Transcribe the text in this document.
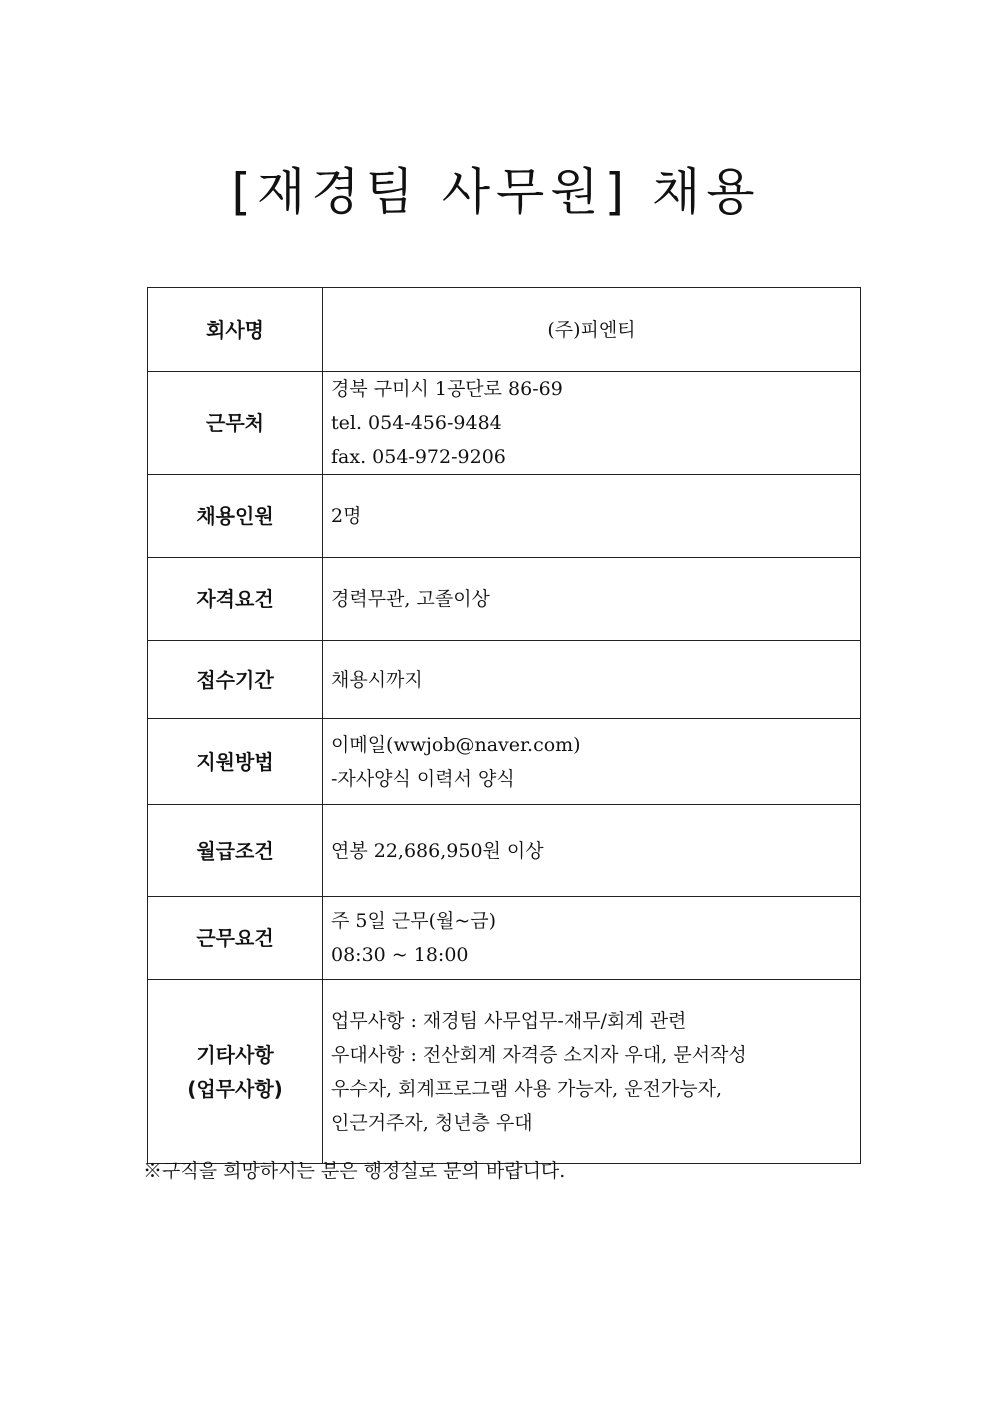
[재경팀 사무원] 채용
회사명	(주)피엔티

근무처	경북 구미시 1공단로 86-69
tel. 054-456-9484
fax. 054-972-9206

채용인원	2명

자격요건	경력무관, 고졸이상

접수기간	채용시까지

지원방법	이메일(wwjob@naver.com)
-자사양식 이력서 양식

월급조건	연봉 22,686,950원 이상

근무요건	주 5일 근무(월~금)
08:30 ~ 18:00

기타사항
(업무사항)	업무사항 : 재경팀 사무업무-재무/회계 관련
우대사항 : 전산회계 자격증 소지자 우대, 문서작성
우수자, 회계프로그램 사용 가능자, 운전가능자,
인근거주자, 청년층 우대
※구직을 희망하시는 분은 행정실로 문의 바랍니다.
